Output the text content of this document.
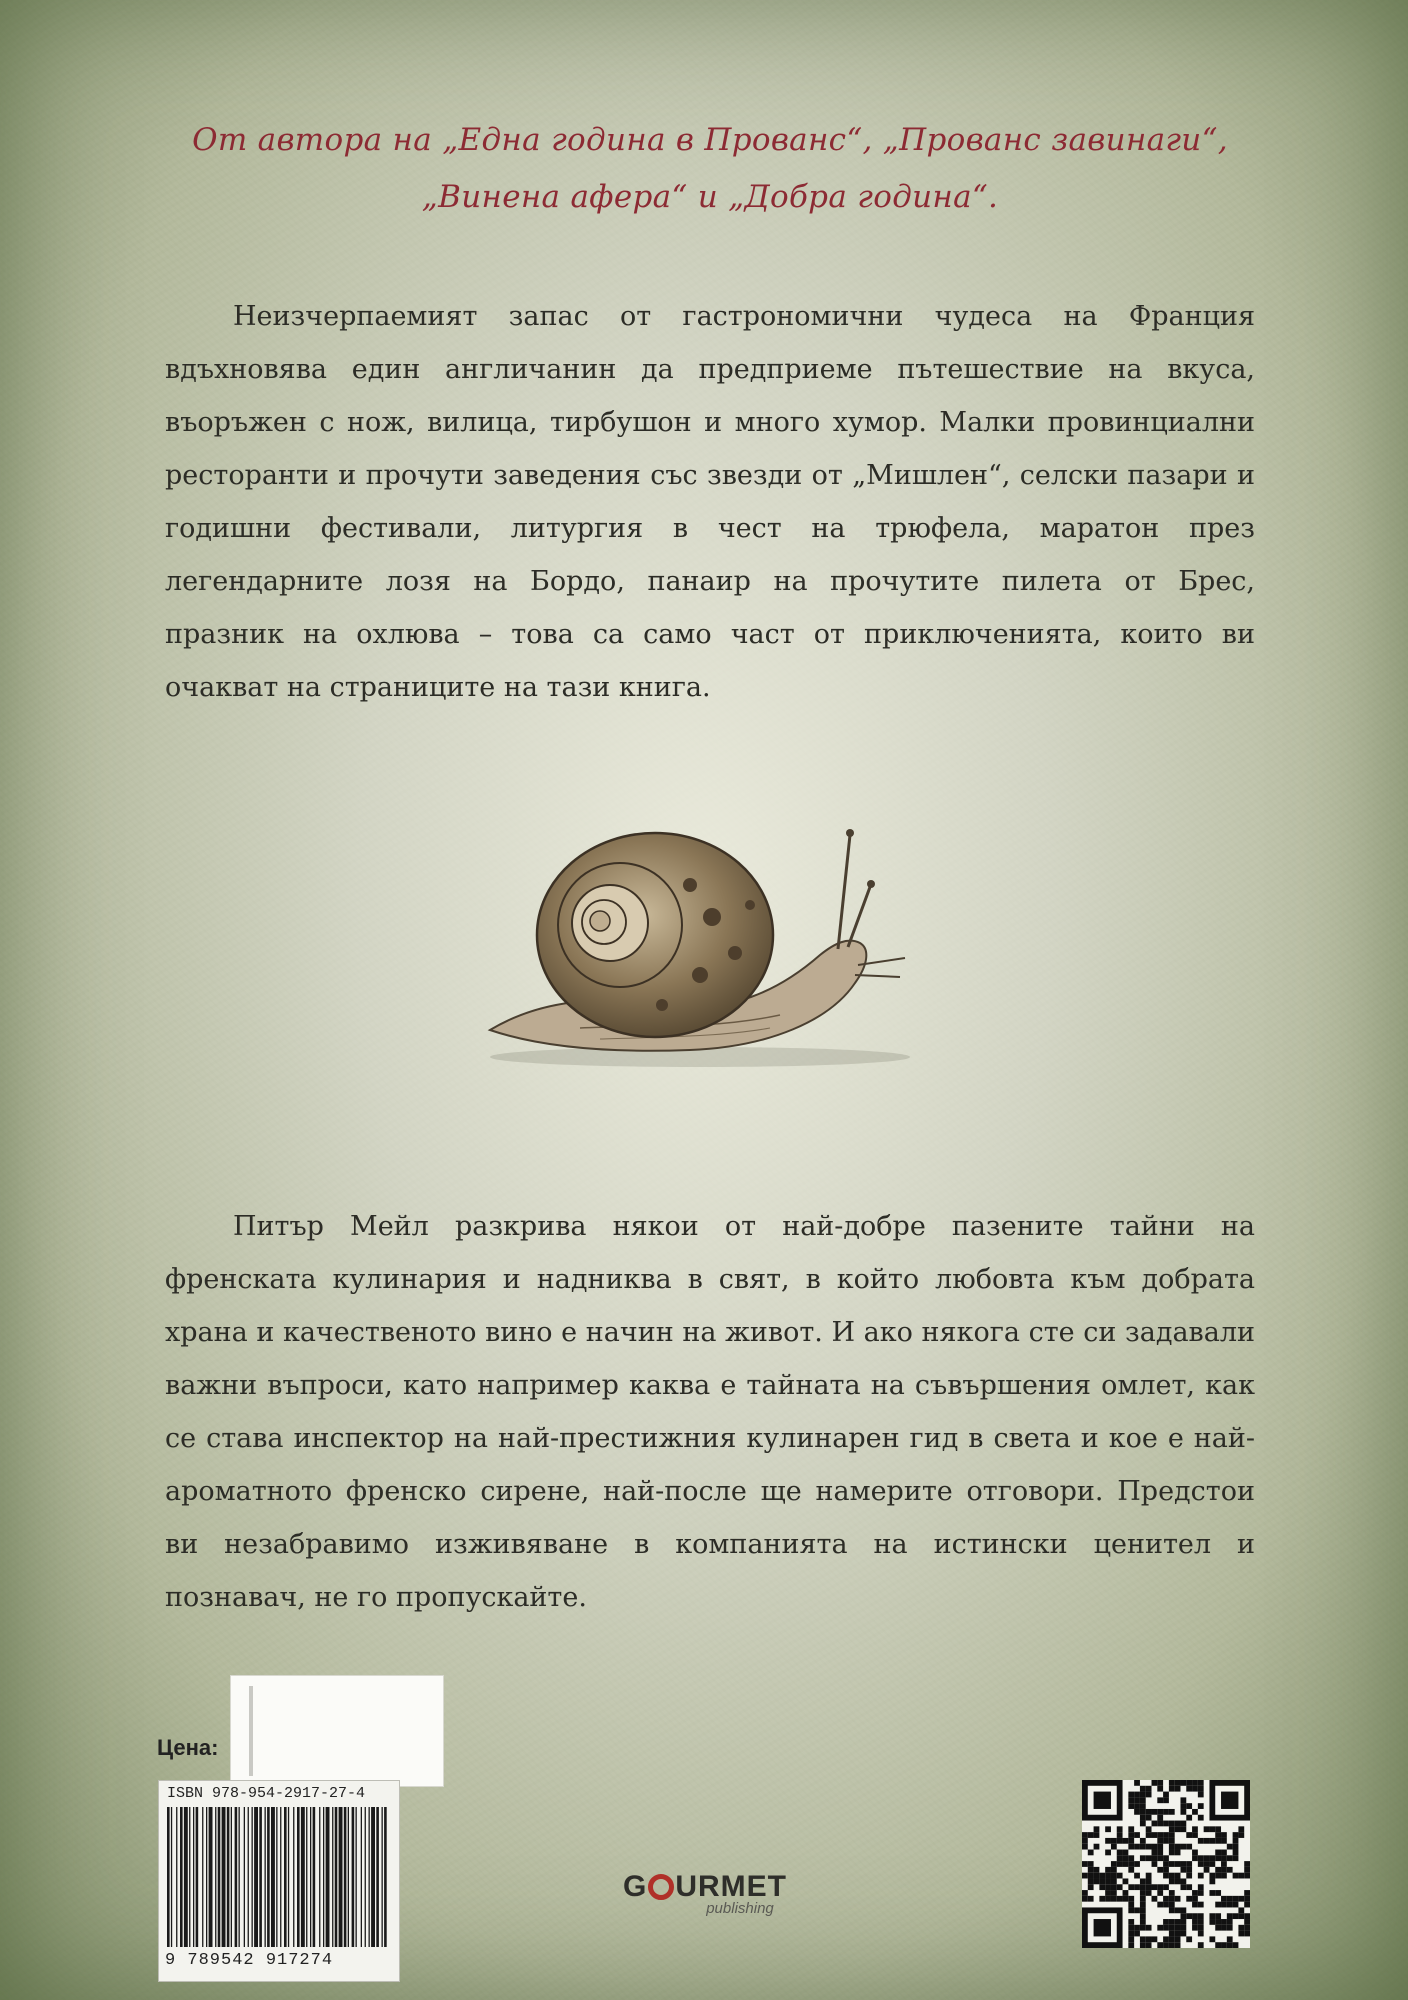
От автора на „Една година в Прованс“, „Прованс завинаги“,

„Винена афера“ и „Добра година“.

Неизчерпаемият запас от гастрономични чудеса на Франция вдъхновява един англичанин да предприеме пътешествие на вкуса, въоръжен с нож, вилица, тирбушон и много хумор. Малки провинциални ресторанти и прочути заведения със звезди от „Мишлен“, селски пазари и годишни фестивали, литургия в чест на трюфела, маратон през легендарните лозя на Бордо, панаир на прочутите пилета от Брес, празник на охлюва – това са само част от приключенията, които ви очакват на страниците на тази книга.

Питър Мейл разкрива някои от най-добре пазените тайни на френската кулинария и надниква в свят, в който любовта към добрата храна и качественото вино е начин на живот. И ако някога сте си задавали важни въпроси, като например каква е тайната на съвършения омлет, как се става инспектор на най-престижния кулинарен гид в света и кое е най-ароматното френско сирене, най-после ще намерите отговори. Предстои ви незабравимо изживяване в компанията на истински ценител и познавач, не го пропускайте.

Цена:
ISBN 978-954-2917-27-4
9 789542 917274
G URMET
publishing
